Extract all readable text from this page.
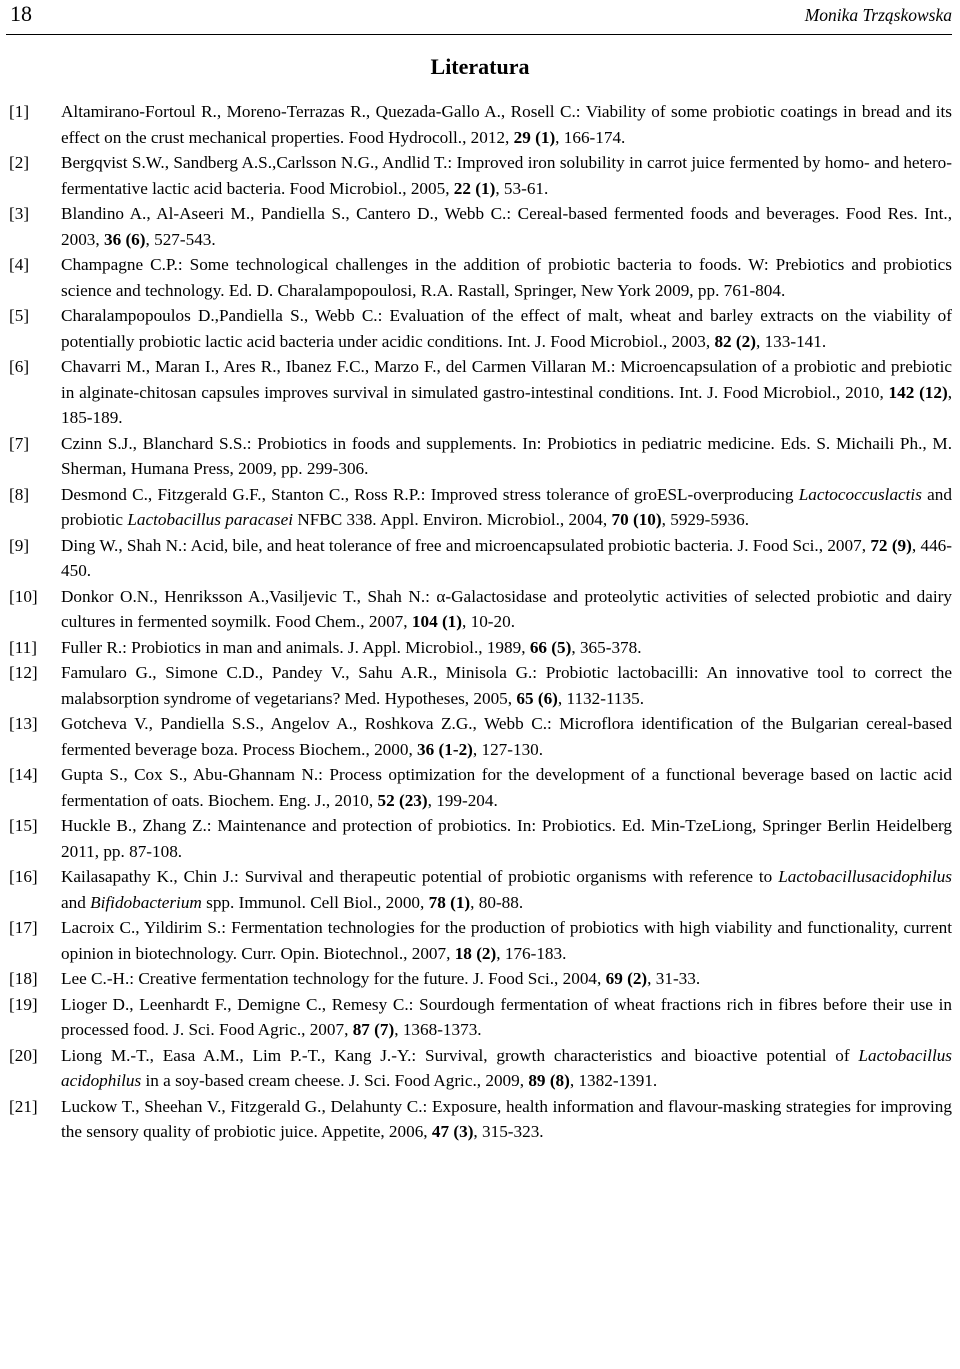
18	Monika Trząskowska
Literatura
[1] Altamirano-Fortoul R., Moreno-Terrazas R., Quezada-Gallo A., Rosell C.: Viability of some probiotic coatings in bread and its effect on the crust mechanical properties. Food Hydrocoll., 2012, 29 (1), 166-174.
[2] Bergqvist S.W., Sandberg A.S.,Carlsson N.G., Andlid T.: Improved iron solubility in carrot juice fermented by homo- and hetero-fermentative lactic acid bacteria. Food Microbiol., 2005, 22 (1), 53-61.
[3] Blandino A., Al-Aseeri M., Pandiella S., Cantero D., Webb C.: Cereal-based fermented foods and beverages. Food Res. Int., 2003, 36 (6), 527-543.
[4] Champagne C.P.: Some technological challenges in the addition of probiotic bacteria to foods. W: Prebiotics and probiotics science and technology. Ed. D. Charalampopoulosi, R.A. Rastall, Springer, New York 2009, pp. 761-804.
[5] Charalampopoulos D.,Pandiella S., Webb C.: Evaluation of the effect of malt, wheat and barley extracts on the viability of potentially probiotic lactic acid bacteria under acidic conditions. Int. J. Food Microbiol., 2003, 82 (2), 133-141.
[6] Chavarri M., Maran I., Ares R., Ibanez F.C., Marzo F., del Carmen Villaran M.: Microencapsulation of a probiotic and prebiotic in alginate-chitosan capsules improves survival in simulated gastro-intestinal conditions. Int. J. Food Microbiol., 2010, 142 (12), 185-189.
[7] Czinn S.J., Blanchard S.S.: Probiotics in foods and supplements. In: Probiotics in pediatric medicine. Eds. S. Michaili Ph., M. Sherman, Humana Press, 2009, pp. 299-306.
[8] Desmond C., Fitzgerald G.F., Stanton C., Ross R.P.: Improved stress tolerance of groESL-overproducing Lactococcuslactis and probiotic Lactobacillus paracasei NFBC 338. Appl. Environ. Microbiol., 2004, 70 (10), 5929-5936.
[9] Ding W., Shah N.: Acid, bile, and heat tolerance of free and microencapsulated probiotic bacteria. J. Food Sci., 2007, 72 (9), 446-450.
[10] Donkor O.N., Henriksson A.,Vasiljevic T., Shah N.: α-Galactosidase and proteolytic activities of selected probiotic and dairy cultures in fermented soymilk. Food Chem., 2007, 104 (1), 10-20.
[11] Fuller R.: Probiotics in man and animals. J. Appl. Microbiol., 1989, 66 (5), 365-378.
[12] Famularo G., Simone C.D., Pandey V., Sahu A.R., Minisola G.: Probiotic lactobacilli: An innovative tool to correct the malabsorption syndrome of vegetarians? Med. Hypotheses, 2005, 65 (6), 1132-1135.
[13] Gotcheva V., Pandiella S.S., Angelov A., Roshkova Z.G., Webb C.: Microflora identification of the Bulgarian cereal-based fermented beverage boza. Process Biochem., 2000, 36 (1-2), 127-130.
[14] Gupta S., Cox S., Abu-Ghannam N.: Process optimization for the development of a functional beverage based on lactic acid fermentation of oats. Biochem. Eng. J., 2010, 52 (23), 199-204.
[15] Huckle B., Zhang Z.: Maintenance and protection of probiotics. In: Probiotics. Ed. Min-TzeLiong, Springer Berlin Heidelberg 2011, pp. 87-108.
[16] Kailasapathy K., Chin J.: Survival and therapeutic potential of probiotic organisms with reference to Lactobacillusacidophilus and Bifidobacterium spp. Immunol. Cell Biol., 2000, 78 (1), 80-88.
[17] Lacroix C., Yildirim S.: Fermentation technologies for the production of probiotics with high viability and functionality, current opinion in biotechnology. Curr. Opin. Biotechnol., 2007, 18 (2), 176-183.
[18] Lee C.-H.: Creative fermentation technology for the future. J. Food Sci., 2004, 69 (2), 31-33.
[19] Lioger D., Leenhardt F., Demigne C., Remesy C.: Sourdough fermentation of wheat fractions rich in fibres before their use in processed food. J. Sci. Food Agric., 2007, 87 (7), 1368-1373.
[20] Liong M.-T., Easa A.M., Lim P.-T., Kang J.-Y.: Survival, growth characteristics and bioactive potential of Lactobacillus acidophilus in a soy-based cream cheese. J. Sci. Food Agric., 2009, 89 (8), 1382-1391.
[21] Luckow T., Sheehan V., Fitzgerald G., Delahunty C.: Exposure, health information and flavour-masking strategies for improving the sensory quality of probiotic juice. Appetite, 2006, 47 (3), 315-323.
